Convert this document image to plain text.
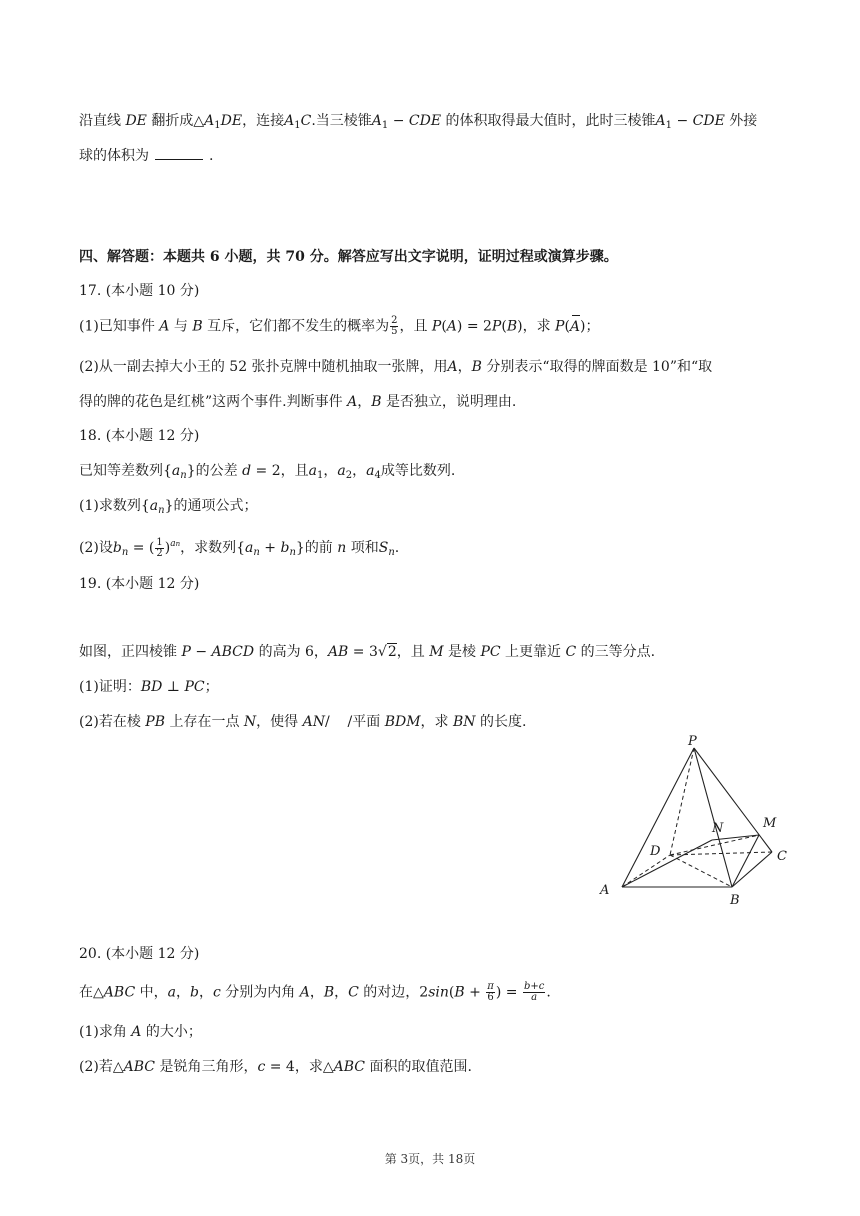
沿直线 DE 翻折成$\triangle A_1DE$，连接$A_1C$.当三棱锥$A_1$ − CDE 的体积取得最大值时，此时三棱锥$A_1$ − CDE 外接
球的体积为	.
四、解答题：本题共 6 小题，共 70 分。解答应写出文字说明，证明过程或演算步骤。
17. (本小题 10 分)
(1)已知事件 A 与 B 互斥，它们都不发生的概率为 $\frac{2}{5}$ ，且 P(A) = 2P(B)，求 P(A)；
(2)从一副去掉大小王的 52 张扑克牌中随机抽取一张牌，用A，B 分别表示“取得的牌面数是 10”和“取
得的牌的花色是红桃”这两个事件.判断事件 A，B 是否独立，说明理由.
18. (本小题 12 分)
已知等差数列$\{a_n\}$的公差 d = 2，且$a_1$，$a_2$，$a_4$成等比数列.
(1)求数列$\{a_n\}$的通项公式；
(2)设$b_n$ = ( $\frac{1}{2} )^{an}$，求数列$\{a_n + b_n\}$的前 n 项和$S_n$.
19. (本小题 12 分)
如图，正四棱锥 P − ABCD 的高为 6，AB = 3√2，且 M 是棱 PC 上更靠近 C 的三等分点.
(1)证明：BD ⊥ PC；
(2)若在棱 PB 上存在一点 N，使得 AN/    /平面 BDM，求 BN 的长度.
P
A
B
C
D
M
N
20. (本小题 12 分)
在△ABC 中，a，b，c 分别为内角 A，B，C 的对边，$2\sin(B + \frac{\pi}{6}$ ) = $\frac{b+c}{a}$ .
(1)求角 A 的大小；
(2)若△ABC 是锐角三角形，c = 4，求△ABC 面积的取值范围.
第 3页，共 18页
